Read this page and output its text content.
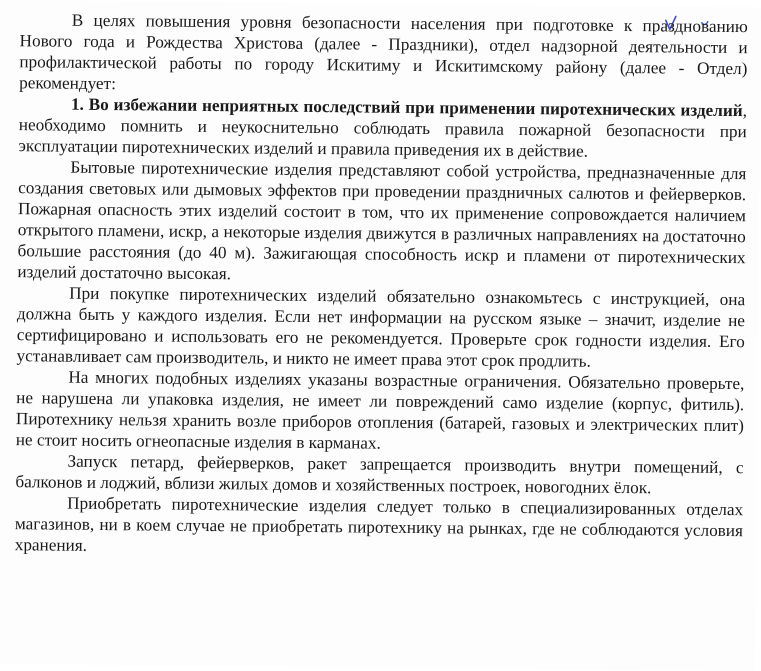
В целях повышения уровня безопасности населения при подготовке к празднованию Нового года и Рождества Христова (далее - Праздники), отдел надзорной деятельности и профилактической работы по городу Искитиму и Искитимскому району (далее - Отдел) рекомендует:

1. Во избежании неприятных последствий при применении пиротехнических изделий, необходимо помнить и неукоснительно соблюдать правила пожарной безопасности при эксплуатации пиротехнических изделий и правила приведения их в действие.

Бытовые пиротехнические изделия представляют собой устройства, предназначенные для создания световых или дымовых эффектов при проведении праздничных салютов и фейерверков. Пожарная опасность этих изделий состоит в том, что их применение сопровождается наличием открытого пламени, искр, а некоторые изделия движутся в различных направлениях на достаточно большие расстояния (до 40 м). Зажигающая способность искр и пламени от пиротехнических изделий достаточно высокая.

При покупке пиротехнических изделий обязательно ознакомьтесь с инструкцией, она должна быть у каждого изделия. Если нет информации на русском языке – значит, изделие не сертифицировано и использовать его не рекомендуется. Проверьте срок годности изделия. Его устанавливает сам производитель, и никто не имеет права этот срок продлить.

На многих подобных изделиях указаны возрастные ограничения. Обязательно проверьте, не нарушена ли упаковка изделия, не имеет ли повреждений само изделие (корпус, фитиль). Пиротехнику нельзя хранить возле приборов отопления (батарей, газовых и электрических плит) не стоит носить огнеопасные изделия в карманах.

Запуск петард, фейерверков, ракет запрещается производить внутри помещений, с балконов и лоджий, вблизи жилых домов и хозяйственных построек, новогодних ёлок.

Приобретать пиротехнические изделия следует только в специализированных отделах магазинов, ни в коем случае не приобретать пиротехнику на рынках, где не соблюдаются условия хранения.
